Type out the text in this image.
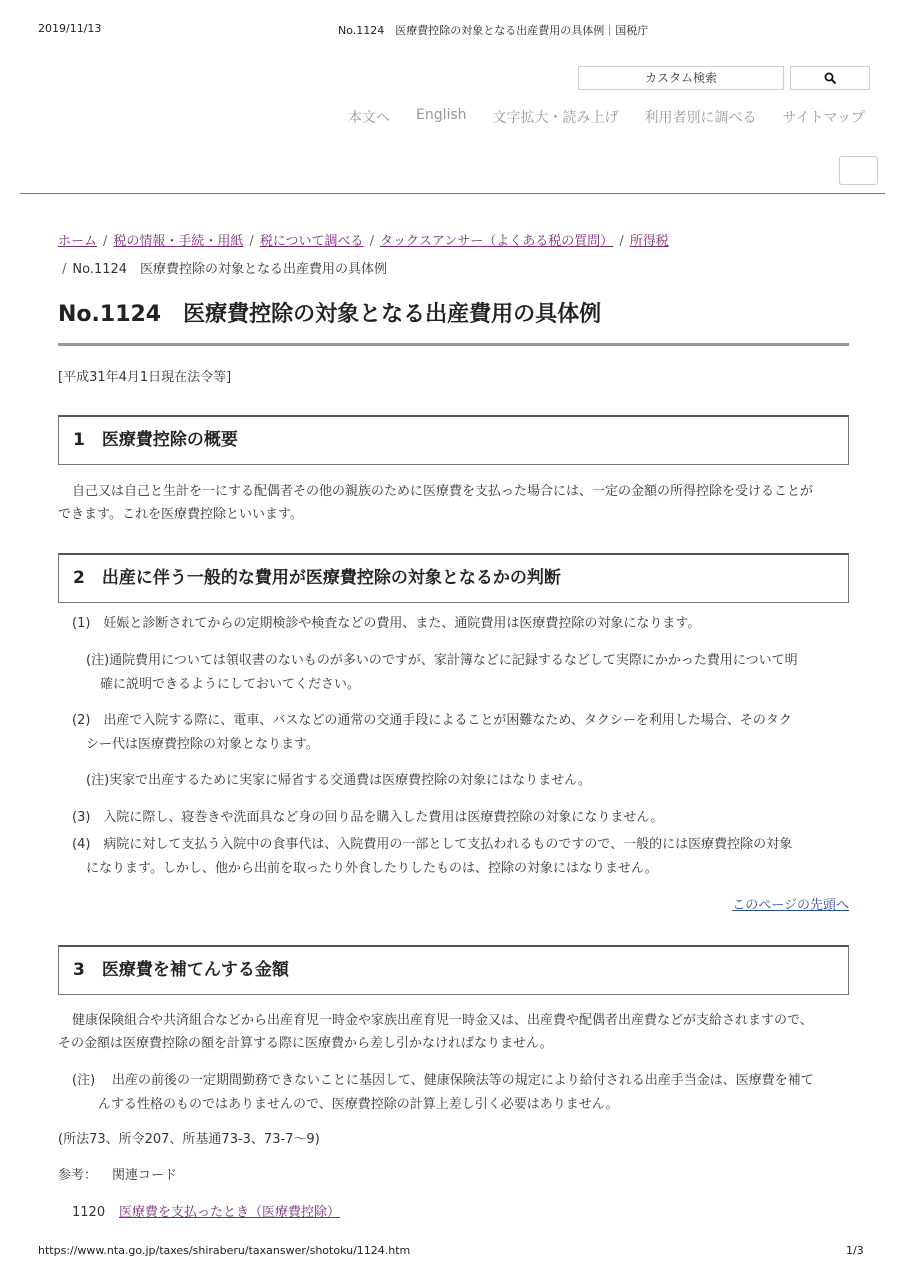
2019/11/13	No.1124　医療費控除の対象となる出産費用の具体例｜国税庁
カスタム検索
本文へ English 文字拡大・読み上げ 利用者別に調べる サイトマップ
ホーム / 税の情報・手続・用紙 / 税について調べる / タックスアンサー（よくある税の質問） / 所得税
/ No.1124　医療費控除の対象となる出産費用の具体例
No.1124　医療費控除の対象となる出産費用の具体例
[平成31年4月1日現在法令等]
1　医療費控除の概要
自己又は自己と生計を一にする配偶者その他の親族のために医療費を支払った場合には、一定の金額の所得控除を受けることが
できます。これを医療費控除といいます。
2　出産に伴う一般的な費用が医療費控除の対象となるかの判断
(1)　妊娠と診断されてからの定期検診や検査などの費用、また、通院費用は医療費控除の対象になります。
(注)通院費用については領収書のないものが多いのですが、家計簿などに記録するなどして実際にかかった費用について明
確に説明できるようにしておいてください。
(2)　出産で入院する際に、電車、バスなどの通常の交通手段によることが困難なため、タクシーを利用した場合、そのタク
シー代は医療費控除の対象となります。
(注)実家で出産するために実家に帰省する交通費は医療費控除の対象にはなりません。
(3)　入院に際し、寝巻きや洗面具など身の回り品を購入した費用は医療費控除の対象になりません。
(4)　病院に対して支払う入院中の食事代は、入院費用の一部として支払われるものですので、一般的には医療費控除の対象
になります。しかし、他から出前を取ったり外食したりしたものは、控除の対象にはなりません。
このページの先頭へ
3　医療費を補てんする金額
健康保険組合や共済組合などから出産育児一時金や家族出産育児一時金又は、出産費や配偶者出産費などが支給されますので、
その金額は医療費控除の額を計算する際に医療費から差し引かなければなりません。
(注) 出産の前後の一定期間勤務できないことに基因して、健康保険法等の規定により給付される出産手当金は、医療費を補て
んする性格のものではありませんので、医療費控除の計算上差し引く必要はありません。
(所法73、所令207、所基通73-3、73-7～9)
参考： 関連コード
1120 医療費を支払ったとき（医療費控除）
https://www.nta.go.jp/taxes/shiraberu/taxanswer/shotoku/1124.htm	1/3
